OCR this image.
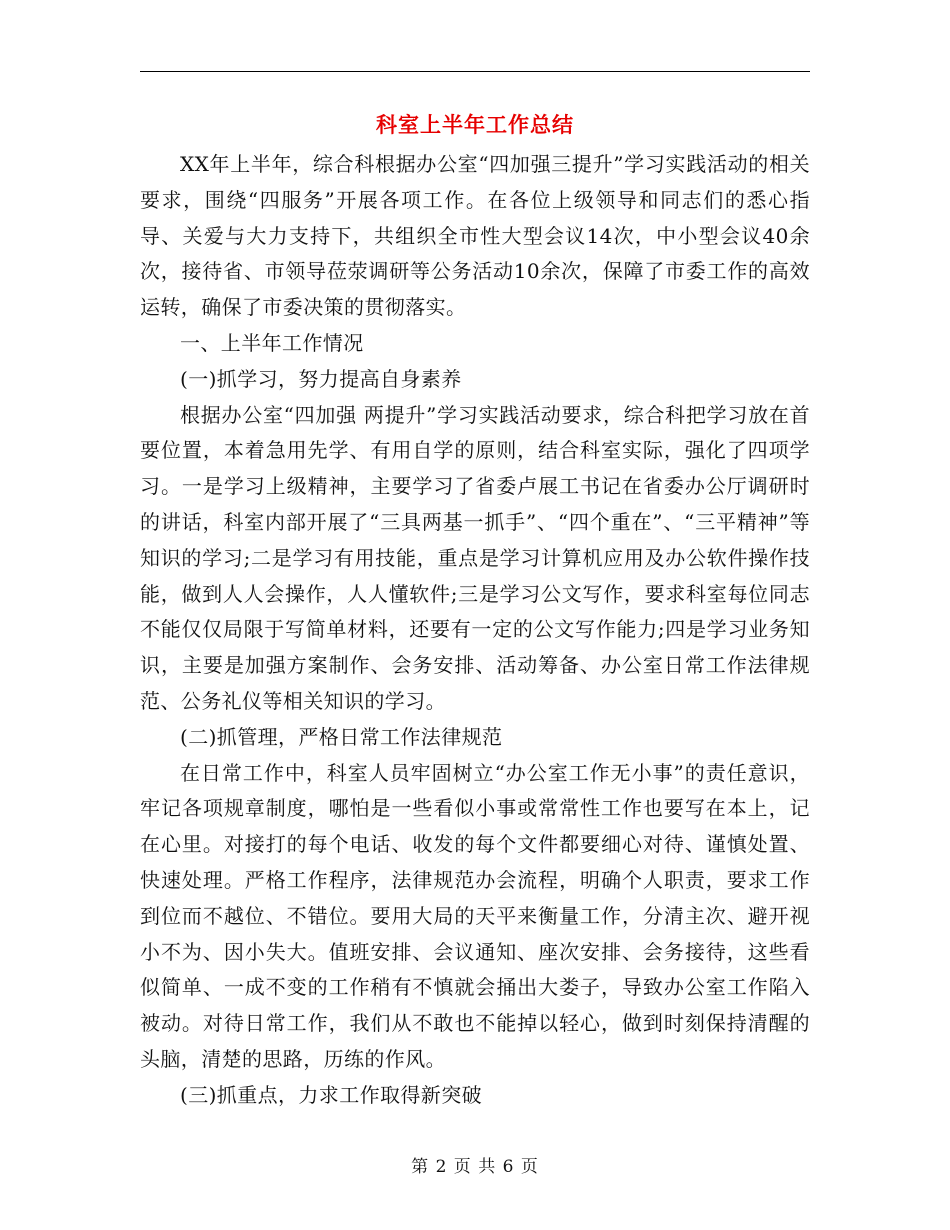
科室上半年工作总结

XX年上半年，综合科根据办公室“四加强三提升”学习实践活动的相关要求，围绕“四服务”开展各项工作。在各位上级领导和同志们的悉心指导、关爱与大力支持下，共组织全市性大型会议14次，中小型会议40余次，接待省、市领导莅荥调研等公务活动10余次，保障了市委工作的高效运转，确保了市委决策的贯彻落实。

一、上半年工作情况

(一)抓学习，努力提高自身素养

根据办公室“四加强 两提升”学习实践活动要求，综合科把学习放在首要位置，本着急用先学、有用自学的原则，结合科室实际，强化了四项学习。一是学习上级精神，主要学习了省委卢展工书记在省委办公厅调研时的讲话，科室内部开展了“三具两基一抓手”、“四个重在”、“三平精神”等知识的学习;二是学习有用技能，重点是学习计算机应用及办公软件操作技能，做到人人会操作，人人懂软件;三是学习公文写作，要求科室每位同志不能仅仅局限于写简单材料，还要有一定的公文写作能力;四是学习业务知识，主要是加强方案制作、会务安排、活动筹备、办公室日常工作法律规范、公务礼仪等相关知识的学习。

(二)抓管理，严格日常工作法律规范

在日常工作中，科室人员牢固树立“办公室工作无小事”的责任意识，牢记各项规章制度，哪怕是一些看似小事或常常性工作也要写在本上，记在心里。对接打的每个电话、收发的每个文件都要细心对待、谨慎处置、快速处理。严格工作程序，法律规范办会流程，明确个人职责，要求工作到位而不越位、不错位。要用大局的天平来衡量工作，分清主次、避开视小不为、因小失大。值班安排、会议通知、座次安排、会务接待，这些看似简单、一成不变的工作稍有不慎就会捅出大娄子，导致办公室工作陷入被动。对待日常工作，我们从不敢也不能掉以轻心，做到时刻保持清醒的头脑，清楚的思路，历练的作风。

(三)抓重点，力求工作取得新突破

第 2 页 共 6 页
